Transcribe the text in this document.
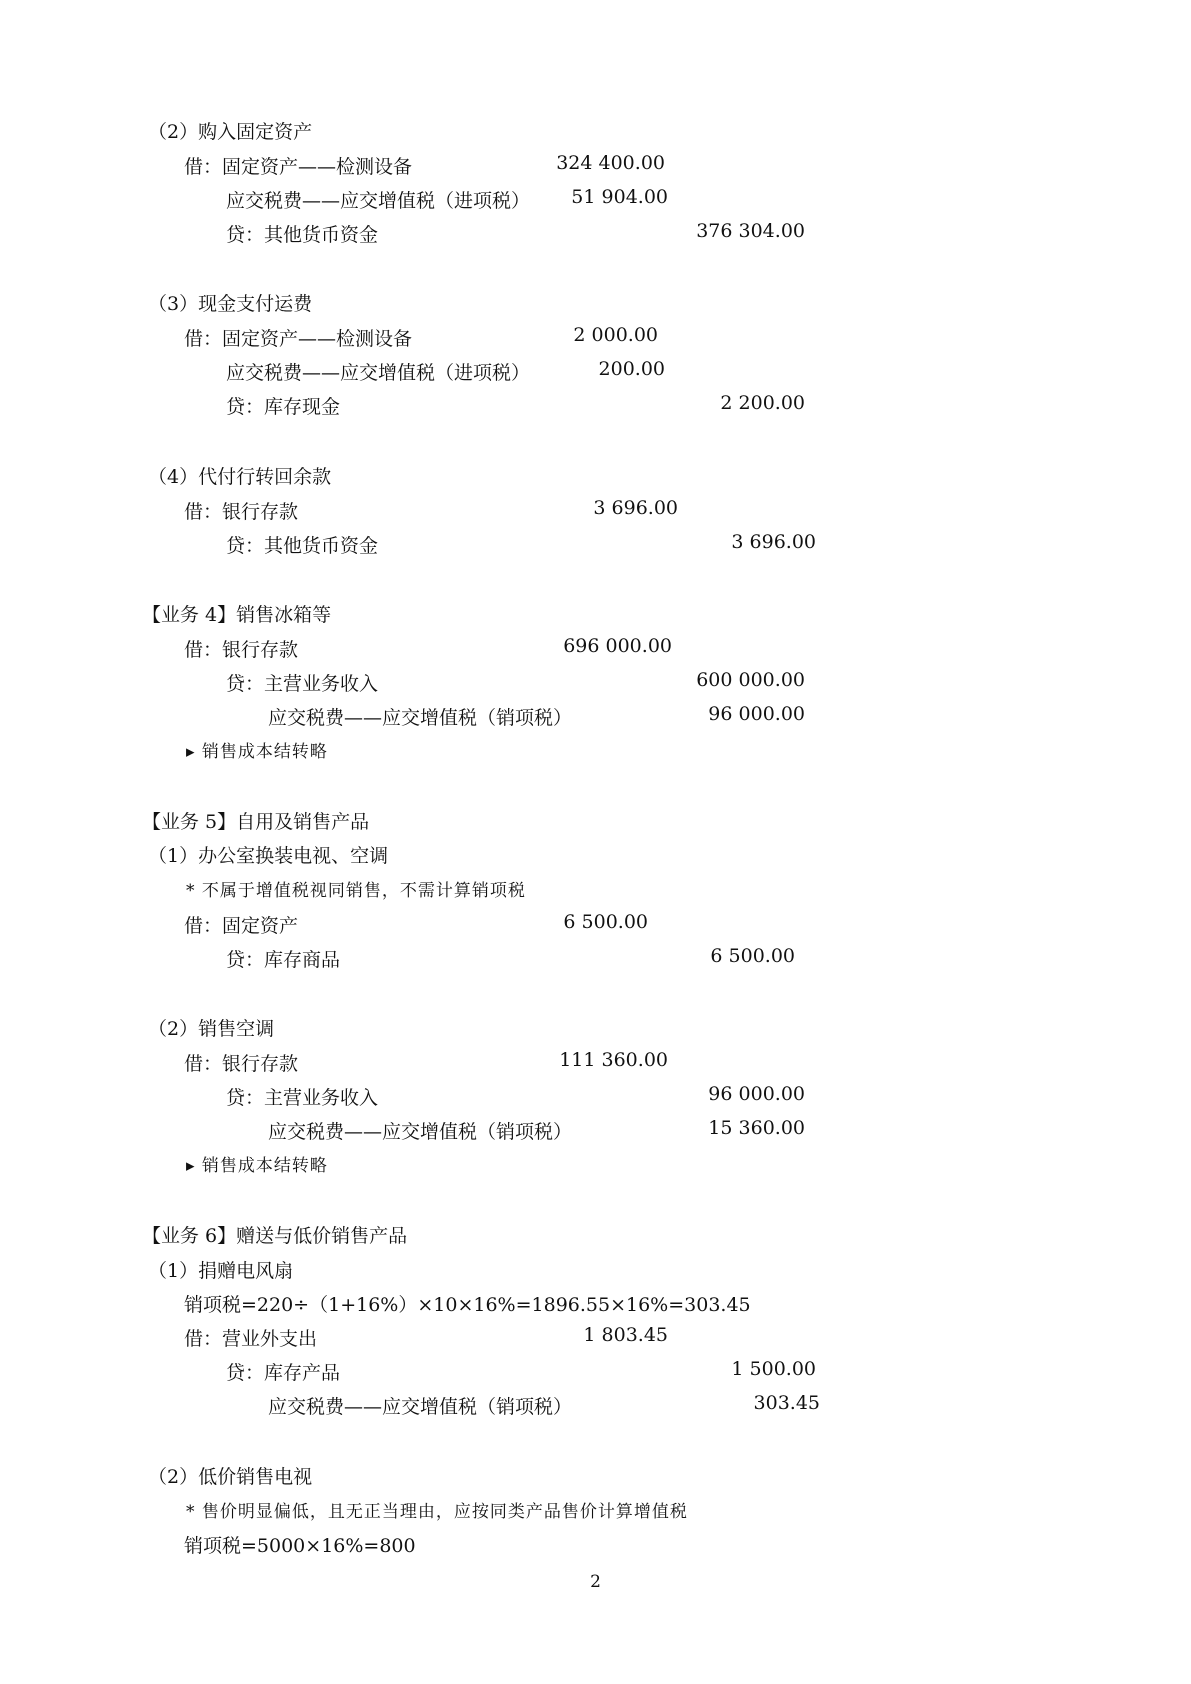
（2）购入固定资产
借：固定资产——检测设备	324 400.00
应交税费——应交增值税（进项税）	51 904.00
贷：其他货币资金	376 304.00
（3）现金支付运费
借：固定资产——检测设备	2 000.00
应交税费——应交增值税（进项税）	200.00
贷：库存现金	2 200.00
（4）代付行转回余款
借：银行存款	3 696.00
贷：其他货币资金	3 696.00
【业务 4】销售冰箱等
借：银行存款	696 000.00
贷：主营业务收入	600 000.00
应交税费——应交增值税（销项税）	96 000.00
▸ 销售成本结转略
【业务 5】自用及销售产品
（1）办公室换装电视、空调
* 不属于增值税视同销售，不需计算销项税
借：固定资产	6 500.00
贷：库存商品	6 500.00
（2）销售空调
借：银行存款	111 360.00
贷：主营业务收入	96 000.00
应交税费——应交增值税（销项税）	15 360.00
▸ 销售成本结转略
【业务 6】赠送与低价销售产品
（1）捐赠电风扇
销项税=220÷（1+16%）×10×16%=1896.55×16%=303.45
借：营业外支出	1 803.45
贷：库存产品	1 500.00
应交税费——应交增值税（销项税）	303.45
（2）低价销售电视
* 售价明显偏低，且无正当理由，应按同类产品售价计算增值税
销项税=5000×16%=800
2
